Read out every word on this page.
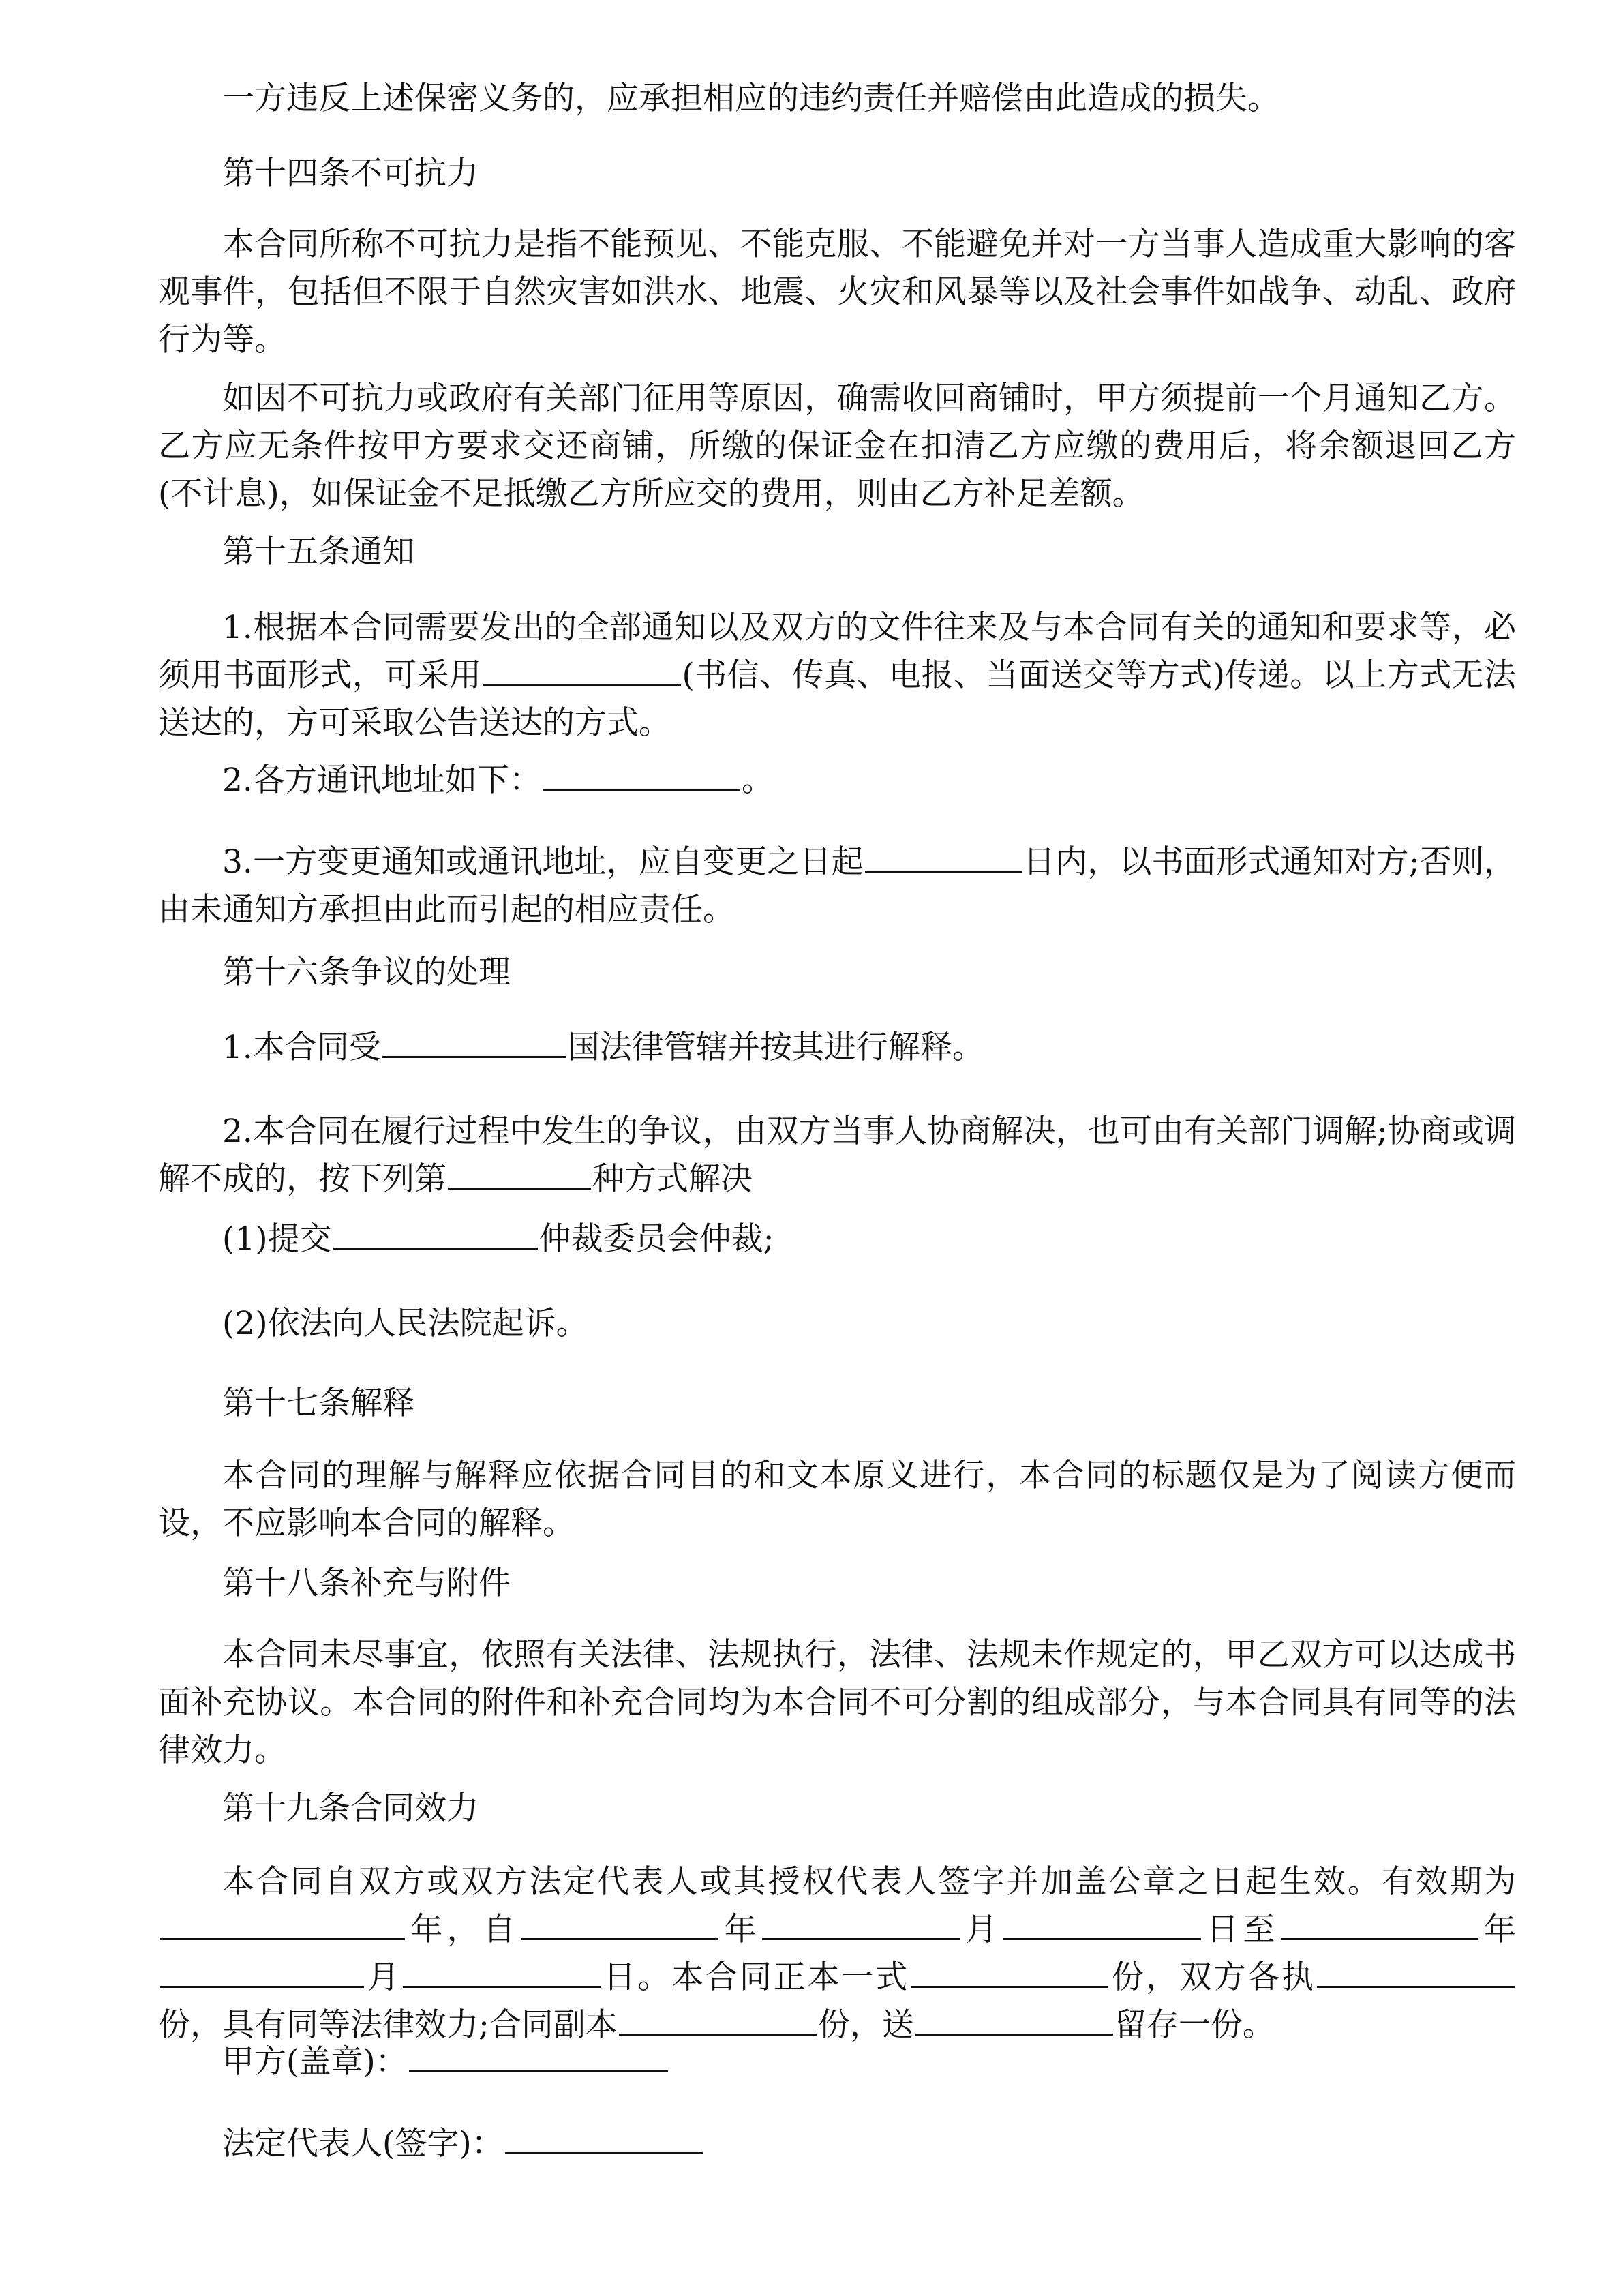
一方违反上述保密义务的，应承担相应的违约责任并赔偿由此造成的损失。

第十四条不可抗力

本合同所称不可抗力是指不能预见、不能克服、不能避免并对一方当事人造成重大影响的客观事件，包括但不限于自然灾害如洪水、地震、火灾和风暴等以及社会事件如战争、动乱、政府行为等。

如因不可抗力或政府有关部门征用等原因，确需收回商铺时，甲方须提前一个月通知乙方。乙方应无条件按甲方要求交还商铺，所缴的保证金在扣清乙方应缴的费用后，将余额退回乙方(不计息)，如保证金不足抵缴乙方所应交的费用，则由乙方补足差额。

第十五条通知

1.根据本合同需要发出的全部通知以及双方的文件往来及与本合同有关的通知和要求等，必须用书面形式，可采用	(书信、传真、电报、当面送交等方式)传递。以上方式无法送达的，方可采取公告送达的方式。

2.各方通讯地址如下：	。

3.一方变更通知或通讯地址，应自变更之日起	日内，以书面形式通知对方;否则，由未通知方承担由此而引起的相应责任。

第十六条争议的处理

1.本合同受	国法律管辖并按其进行解释。

2.本合同在履行过程中发生的争议，由双方当事人协商解决，也可由有关部门调解;协商或调解不成的，按下列第	种方式解决

(1)提交	仲裁委员会仲裁;

(2)依法向人民法院起诉。

第十七条解释

本合同的理解与解释应依据合同目的和文本原义进行，本合同的标题仅是为了阅读方便而设，不应影响本合同的解释。

第十八条补充与附件

本合同未尽事宜，依照有关法律、法规执行，法律、法规未作规定的，甲乙双方可以达成书面补充协议。本合同的附件和补充合同均为本合同不可分割的组成部分，与本合同具有同等的法律效力。

第十九条合同效力

本合同自双方或双方法定代表人或其授权代表人签字并加盖公章之日起生效。有效期为年，自	年	月	日至	年月	日。本合同正本一式	份，双方各执份，具有同等法律效力;合同副本	份，送	留存一份。

甲方(盖章)：

法定代表人(签字)：
